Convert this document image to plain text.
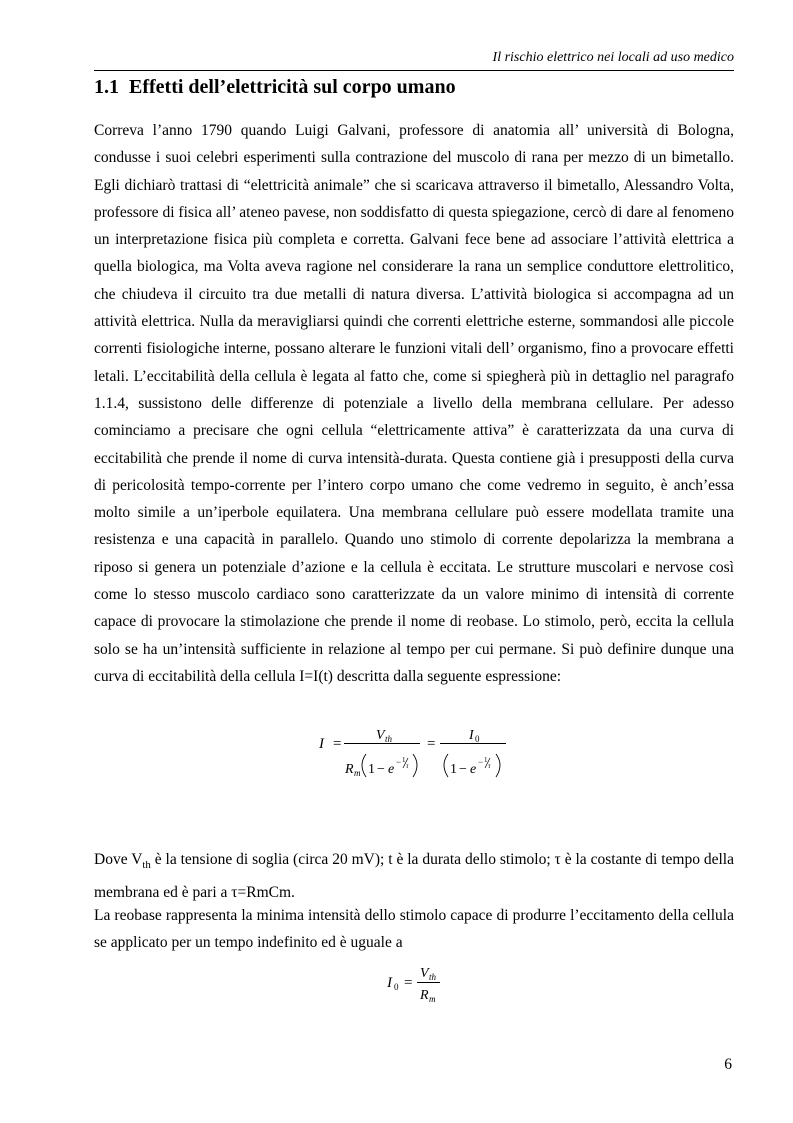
Il rischio elettrico nei locali ad uso medico
1.1 Effetti dell’elettricità sul corpo umano

Correva l’anno 1790 quando Luigi Galvani, professore di anatomia all’ università di Bologna, condusse i suoi celebri esperimenti sulla contrazione del muscolo di rana per mezzo di un bimetallo. Egli dichiarò trattasi di “elettricità animale” che si scaricava attraverso il bimetallo, Alessandro Volta, professore di fisica all’ ateneo pavese, non soddisfatto di questa spiegazione, cercò di dare al fenomeno un interpretazione fisica più completa e corretta. Galvani fece bene ad associare l’attività elettrica a quella biologica, ma Volta aveva ragione nel considerare la rana un semplice conduttore elettrolitico, che chiudeva il circuito tra due metalli di natura diversa. L’attività biologica si accompagna ad un attività elettrica. Nulla da meravigliarsi quindi che correnti elettriche esterne, sommandosi alle piccole correnti fisiologiche interne, possano alterare le funzioni vitali dell’ organismo, fino a provocare effetti letali. L’eccitabilità della cellula è legata al fatto che, come si spiegherà più in dettaglio nel paragrafo 1.1.4, sussistono delle differenze di potenziale a livello della membrana cellulare. Per adesso cominciamo a precisare che ogni cellula “elettricamente attiva” è caratterizzata da una curva di eccitabilità che prende il nome di curva intensità-durata. Questa contiene già i presupposti della curva di pericolosità tempo-corrente per l’intero corpo umano che come vedremo in seguito, è anch’essa molto simile a un’iperbole equilatera. Una membrana cellulare può essere modellata tramite una resistenza e una capacità in parallelo. Quando uno stimolo di corrente depolarizza la membrana a riposo si genera un potenziale d’azione e la cellula è eccitata. Le strutture muscolari e nervose così come lo stesso muscolo cardiaco sono caratterizzate da un valore minimo di intensità di corrente capace di provocare la stimolazione che prende il nome di reobase. Lo stimolo, però, eccita la cellula solo se ha un’intensità sufficiente in relazione al tempo per cui permane. Si può definire dunque una curva di eccitabilità della cellula I=I(t) descritta dalla seguente espressione:

I =
V th
R m 1 − e − 1
τ
=
I 0
1 − e − 1
τ

Dove $V_{th}$ è la tensione di soglia (circa 20 mV); t è la durata dello stimolo; τ è la costante di tempo della membrana ed è pari a τ=RmCm.

La reobase rappresenta la minima intensità dello stimolo capace di produrre l’eccitamento della cellula se applicato per un tempo indefinito ed è uguale a

I 0 =
V th
R m
6
